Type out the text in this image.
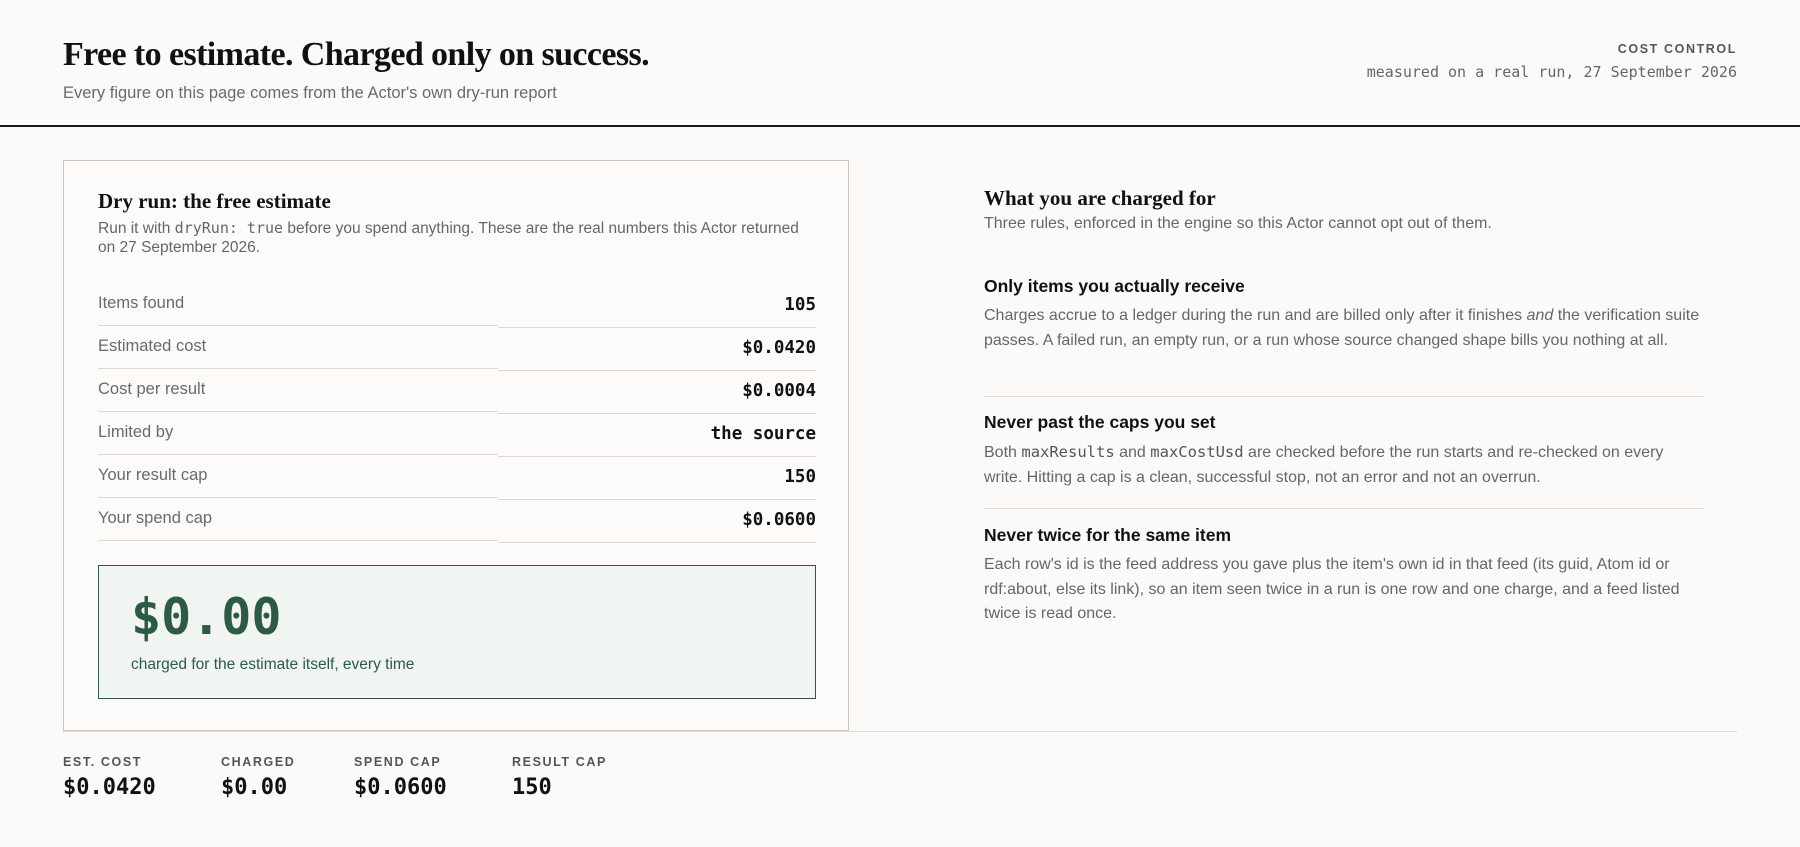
Free to estimate. Charged only on success.
Every figure on this page comes from the Actor's own dry-run report
COST CONTROL
measured on a real run, 27 September 2026
Dry run: the free estimate
Run it with dryRun: true before you spend anything. These are the real numbers this Actor returned on 27 September 2026.
Items found	105
Estimated cost	$0.0420
Cost per result	$0.0004
Limited by	the source
Your result cap	150
Your spend cap	$0.0600
$0.00
charged for the estimate itself, every time
What you are charged for
Three rules, enforced in the engine so this Actor cannot opt out of them.
Only items you actually receive
Charges accrue to a ledger during the run and are billed only after it finishes and the verification suite passes. A failed run, an empty run, or a run whose source changed shape bills you nothing at all.
Never past the caps you set
Both maxResults and maxCostUsd are checked before the run starts and re-checked on every write. Hitting a cap is a clean, successful stop, not an error and not an overrun.
Never twice for the same item
Each row's id is the feed address you gave plus the item's own id in that feed (its guid, Atom id or rdf:about, else its link), so an item seen twice in a run is one row and one charge, and a feed listed twice is read once.
EST. COST
$0.0420
CHARGED
$0.00
SPEND CAP
$0.0600
RESULT CAP
150
